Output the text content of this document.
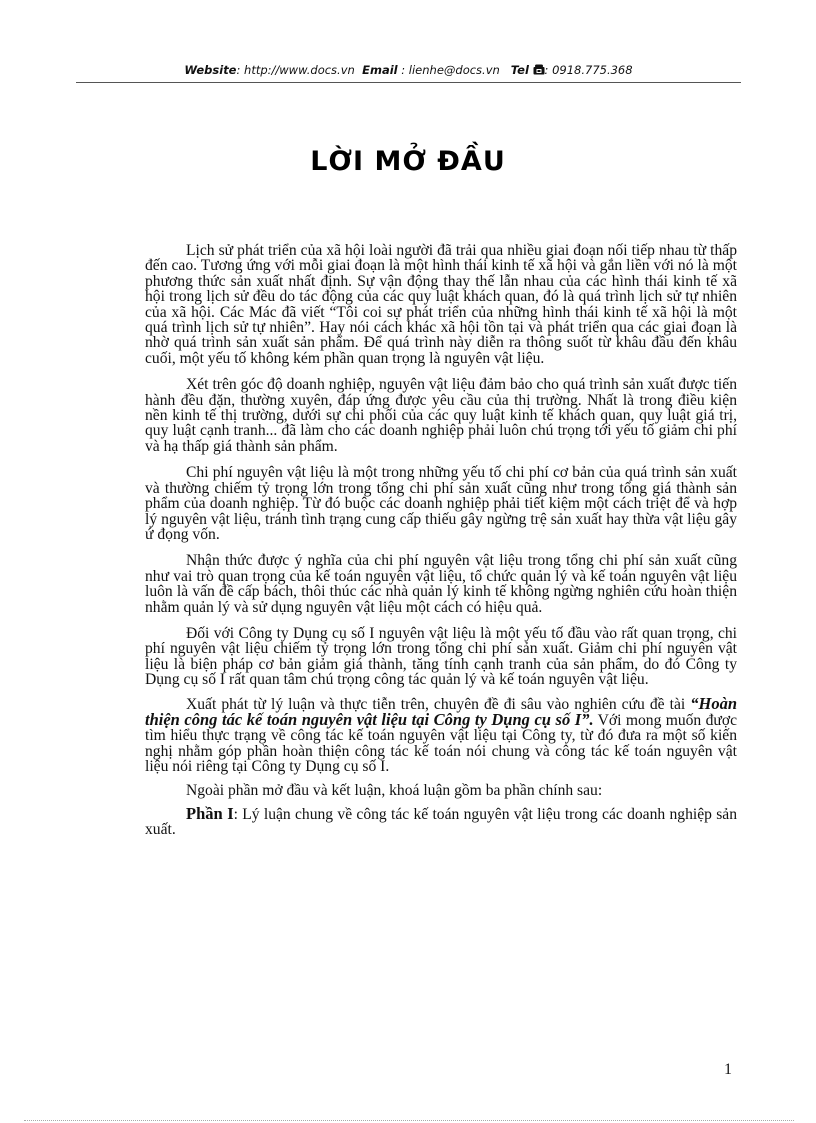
Website: http://www.docs.vn Email : lienhe@docs.vn Tel : 0918.775.368
LỜI MỞ ĐẦU

Lịch sử phát triển của xã hội loài người đã trải qua nhiều giai đoạn nối tiếp nhau từ thấp đến cao. Tương ứng với mỗi giai đoạn là một hình thái kinh tế xã hội và gắn liền với nó là một phương thức sản xuất nhất định. Sự vận động thay thế lẫn nhau của các hình thái kinh tế xã hội trong lịch sử đều do tác động của các quy luật khách quan, đó là quá trình lịch sử tự nhiên của xã hội. Các Mác đã viết “Tôi coi sự phát triển của những hình thái kinh tế xã hội là một quá trình lịch sử tự nhiên”. Hay nói cách khác xã hội tồn tại và phát triển qua các giai đoạn là nhờ quá trình sản xuất sản phẩm. Để quá trình này diễn ra thông suốt từ khâu đầu đến khâu cuối, một yếu tố không kém phần quan trọng là nguyên vật liệu.

Xét trên góc độ doanh nghiệp, nguyên vật liệu đảm bảo cho quá trình sản xuất được tiến hành đều đặn, thường xuyên, đáp ứng được yêu cầu của thị trường. Nhất là trong điều kiện nền kinh tế thị trường, dưới sự chi phối của các quy luật kinh tế khách quan, quy luật giá trị, quy luật cạnh tranh... đã làm cho các doanh nghiệp phải luôn chú trọng tới yếu tố giảm chi phí và hạ thấp giá thành sản phẩm.

Chi phí nguyên vật liệu là một trong những yếu tố chi phí cơ bản của quá trình sản xuất và thường chiếm tỷ trọng lớn trong tổng chi phí sản xuất cũng như trong tổng giá thành sản phẩm của doanh nghiệp. Từ đó buộc các doanh nghiệp phải tiết kiệm một cách triệt để và hợp lý nguyên vật liệu, tránh tình trạng cung cấp thiếu gây ngừng trệ sản xuất hay thừa vật liệu gây ứ đọng vốn.

Nhận thức được ý nghĩa của chi phí nguyên vật liệu trong tổng chi phí sản xuất cũng như vai trò quan trọng của kế toán nguyên vật liệu, tổ chức quản lý và kế toán nguyên vật liệu luôn là vấn đề cấp bách, thôi thúc các nhà quản lý kinh tế không ngừng nghiên cứu hoàn thiện nhằm quản lý và sử dụng nguyên vật liệu một cách có hiệu quả.

Đối với Công ty Dụng cụ số I nguyên vật liệu là một yếu tố đầu vào rất quan trọng, chi phí nguyên vật liệu chiếm tỷ trọng lớn trong tổng chi phí sản xuất. Giảm chi phí nguyên vật liệu là biện pháp cơ bản giảm giá thành, tăng tính cạnh tranh của sản phẩm, do đó Công ty Dụng cụ số I rất quan tâm chú trọng công tác quản lý và kế toán nguyên vật liệu.

Xuất phát từ lý luận và thực tiễn trên, chuyên đề đi sâu vào nghiên cứu đề tài “Hoàn thiện công tác kế toán nguyên vật liệu tại Công ty Dụng cụ số I”. Với mong muốn được tìm hiểu thực trạng về công tác kế toán nguyên vật liệu tại Công ty, từ đó đưa ra một số kiến nghị nhằm góp phần hoàn thiện công tác kế toán nói chung và công tác kế toán nguyên vật liệu nói riêng tại Công ty Dụng cụ số I.

Ngoài phần mở đầu và kết luận, khoá luận gồm ba phần chính sau:

Phần I: Lý luận chung về công tác kế toán nguyên vật liệu trong các doanh nghiệp sản xuất.

1
